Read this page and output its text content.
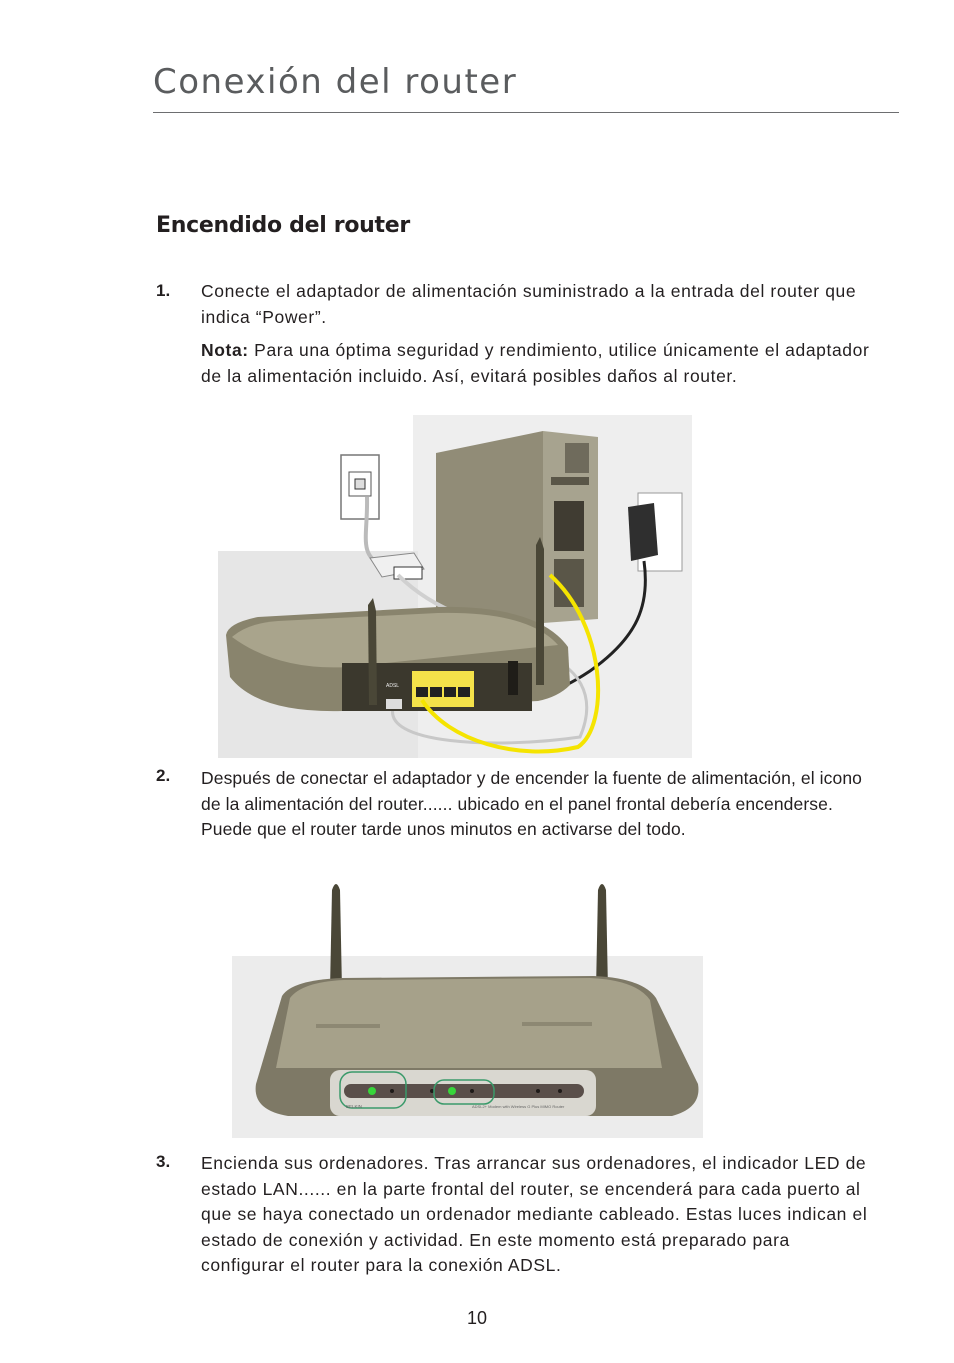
Conexión del router
Encendido del router
1. Conecte el adaptador de alimentación suministrado a la entrada del router que indica “Power”.
Nota: Para una óptima seguridad y rendimiento, utilice únicamente el adaptador de la alimentación incluido. Así, evitará posibles daños al router.
ADSL
2. Después de conectar el adaptador y de encender la fuente de alimentación, el icono de la alimentación del router...... ubicado en el panel frontal debería encenderse. Puede que el router tarde unos minutos en activarse del todo.
BELKIN	ADSL2+ Modem with Wireless G Plus MIMO Router
3. Encienda sus ordenadores. Tras arrancar sus ordenadores, el indicador LED de estado LAN...... en la parte frontal del router, se encenderá para cada puerto al que se haya conectado un ordenador mediante cableado. Estas luces indican el estado de conexión y actividad. En este momento está preparado para configurar el router para la conexión ADSL.
10
